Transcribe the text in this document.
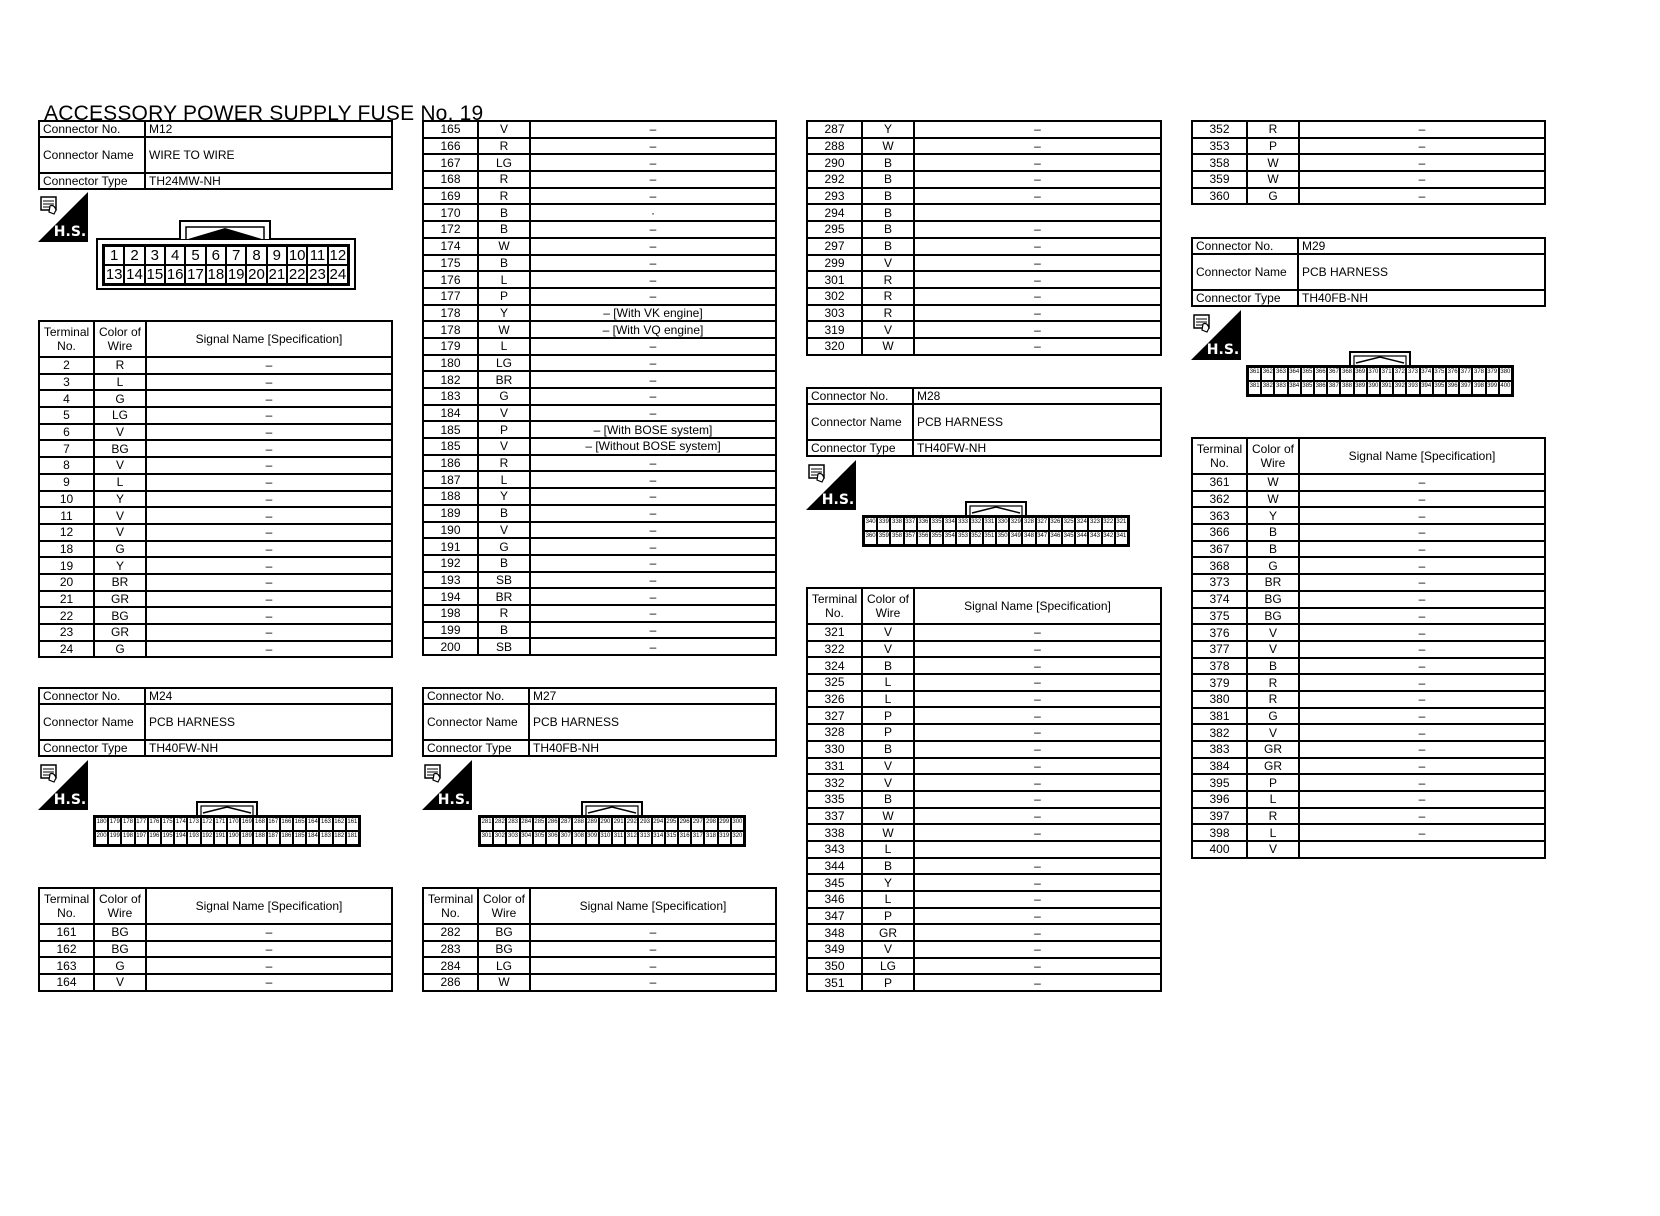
ACCESSORY POWER SUPPLY FUSE No. 19
Connector No.	M12
Connector Name	WIRE TO WIRE
Connector Type	TH24MW-NH
H.S.
1 2 3 4 5 6 7 8 9 10 11 12
13 14 15 16 17 18 19 20 21 22 23 24
Terminal No.	Color of Wire	Signal Name [Specification]
2	R	–
3	L	–
4	G	–
5	LG	–
6	V	–
7	BG	–
8	V	–
9	L	–
10	Y	–
11	V	–
12	V	–
18	G	–
19	Y	–
20	BR	–
21	GR	–
22	BG	–
23	GR	–
24	G	–
Connector No.	M24
Connector Name	PCB HARNESS
Connector Type	TH40FW-NH
H.S.
180 179 178 177 176 175 174 173 172 171 170 169 168 167 166 165 164 163 162 161
200 199 198 197 196 195 194 193 192 191 190 189 188 187 186 185 184 183 182 181
Terminal No.	Color of Wire	Signal Name [Specification]
161	BG	–
162	BG	–
163	G	–
164	V	–
165	V	–
166	R	–
167	LG	–
168	R	–
169	R	–
170	B	·
172	B	–
174	W	–
175	B	–
176	L	–
177	P	–
178	Y	– [With VK engine]
178	W	– [With VQ engine]
179	L	–
180	LG	–
182	BR	–
183	G	–
184	V	–
185	P	– [With BOSE system]
185	V	– [Without BOSE system]
186	R	–
187	L	–
188	Y	–
189	B	–
190	V	–
191	G	–
192	B	–
193	SB	–
194	BR	–
198	R	–
199	B	–
200	SB	–
Connector No.	M27
Connector Name	PCB HARNESS
Connector Type	TH40FB-NH
H.S.
281 282 283 284 285 286 287 288 289 290 291 292 293 294 295 296 297 298 299 300
301 302 303 304 305 306 307 308 309 310 311 312 313 314 315 316 317 318 319 320
Terminal No.	Color of Wire	Signal Name [Specification]
282	BG	–
283	BG	–
284	LG	–
286	W	–
287	Y	–
288	W	–
290	B	–
292	B	–
293	B	–
294	B	
295	B	–
297	B	–
299	V	–
301	R	–
302	R	–
303	R	–
319	V	–
320	W	–
Connector No.	M28
Connector Name	PCB HARNESS
Connector Type	TH40FW-NH
H.S.
340 339 338 337 336 335 334 333 332 331 330 329 328 327 326 325 324 323 322 321
360 359 358 357 356 355 354 353 352 351 350 349 348 347 346 345 344 343 342 341
Terminal No.	Color of Wire	Signal Name [Specification]
321	V	–
322	V	–
324	B	–
325	L	–
326	L	–
327	P	–
328	P	–
330	B	–
331	V	–
332	V	–
335	B	–
337	W	–
338	W	–
343	L	
344	B	–
345	Y	–
346	L	–
347	P	–
348	GR	–
349	V	–
350	LG	–
351	P	–
352	R	–
353	P	–
358	W	–
359	W	–
360	G	–
Connector No.	M29
Connector Name	PCB HARNESS
Connector Type	TH40FB-NH
H.S.
361 362 363 364 365 366 367 368 369 370 371 372 373 374 375 376 377 378 379 380
381 382 383 384 385 386 387 388 389 390 391 392 393 394 395 396 397 398 399 400
Terminal No.	Color of Wire	Signal Name [Specification]
361	W	–
362	W	–
363	Y	–
366	B	–
367	B	–
368	G	–
373	BR	–
374	BG	–
375	BG	–
376	V	–
377	V	–
378	B	–
379	R	–
380	R	–
381	G	–
382	V	–
383	GR	–
384	GR	–
395	P	–
396	L	–
397	R	–
398	L	–
400	V	
